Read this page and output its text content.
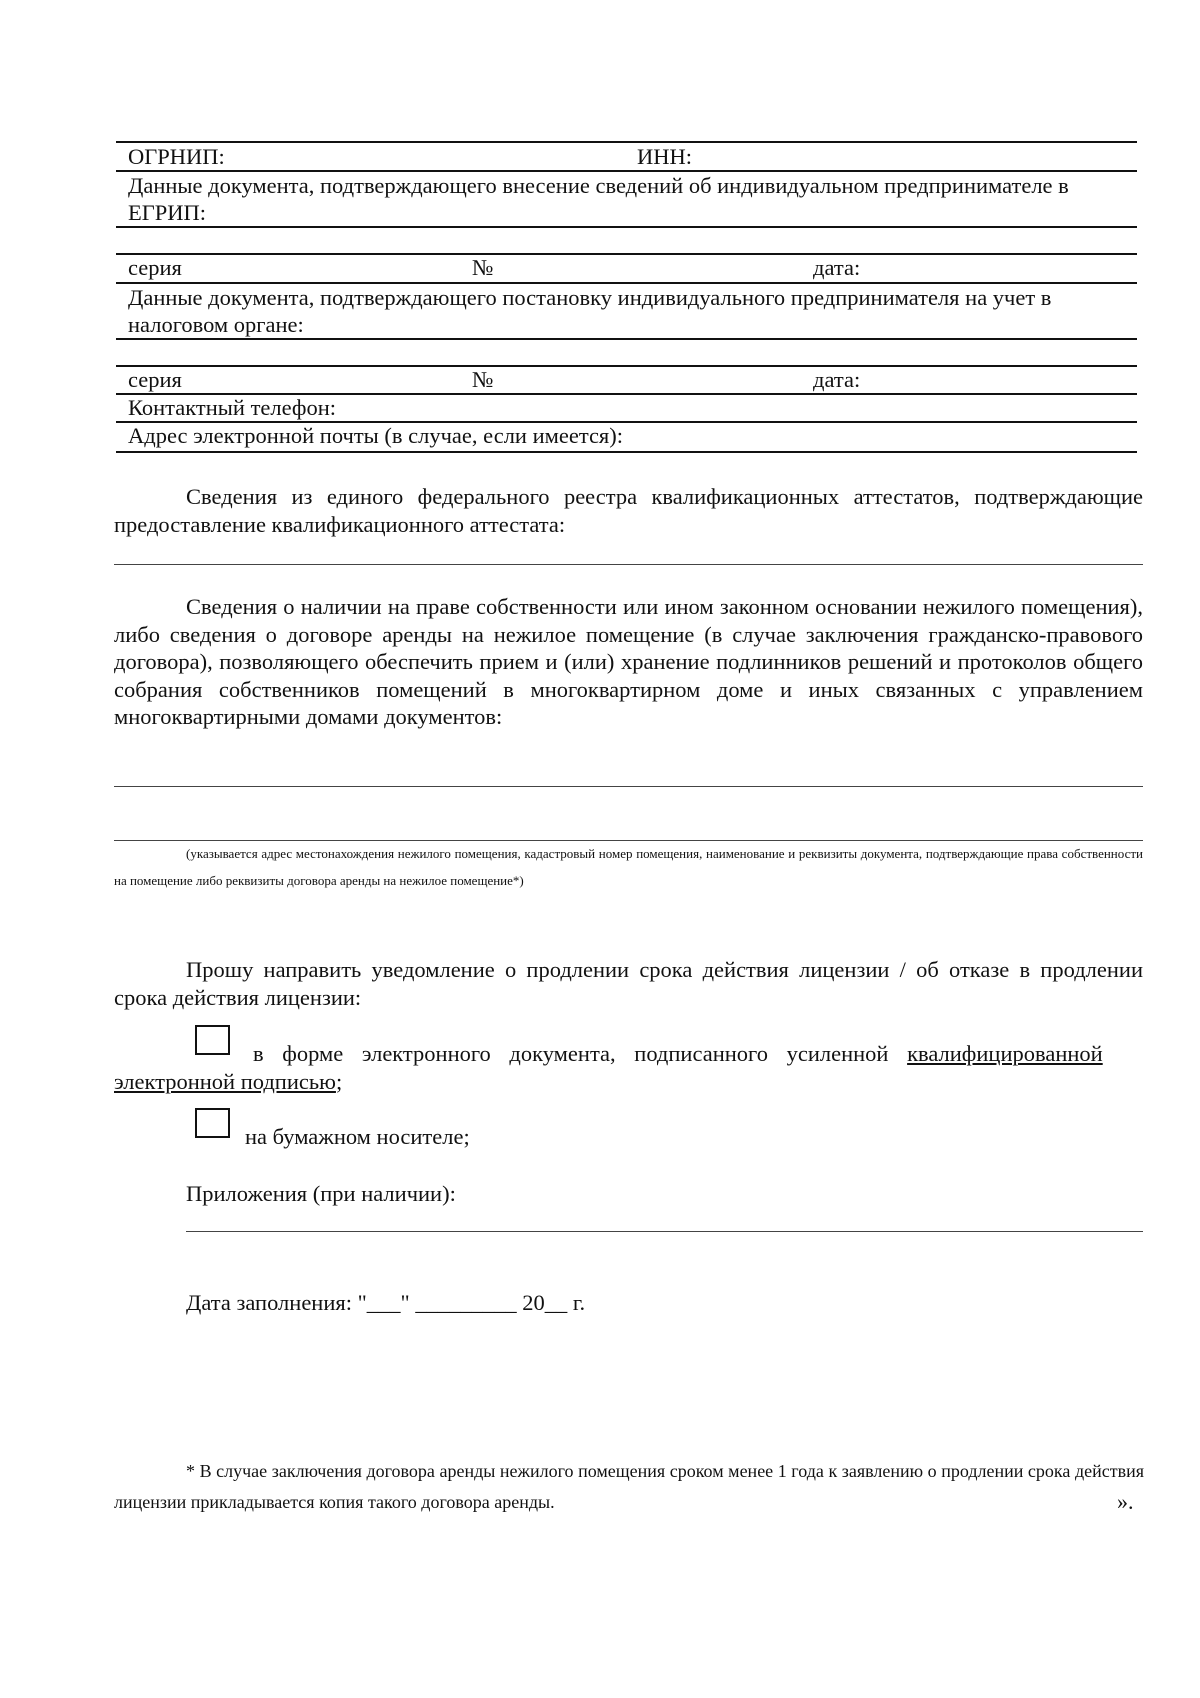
ОГРНИП:	ИНН:
Данные документа, подтверждающего внесение сведений об индивидуальном предпринимателе в ЕГРИП:
серия	№	дата:
Данные документа, подтверждающего постановку индивидуального предпринимателя на учет в налоговом органе:
серия	№	дата:
Контактный телефон:
Адрес электронной почты (в случае, если имеется):
Сведения из единого федерального реестра квалификационных аттестатов, подтверждающие предоставление квалификационного аттестата:
Сведения о наличии на праве собственности или ином законном основании нежилого помещения), либо сведения о договоре аренды на нежилое помещение (в случае заключения гражданско-правового договора), позволяющего обеспечить прием и (или) хранение подлинников решений и протоколов общего собрания собственников помещений в многоквартирном доме и иных связанных с управлением многоквартирными домами документов:
(указывается адрес местонахождения нежилого помещения, кадастровый номер помещения, наименование и реквизиты документа, подтверждающие права собственности на помещение либо реквизиты договора аренды на нежилое помещение*)
Прошу направить уведомление о продлении срока действия лицензии / об отказе в продлении срока действия лицензии:
в форме электронного документа, подписанного усиленной квалифицированной электронной подписью;
на бумажном носителе;
Приложения (при наличии):
Дата заполнения: "___" _________ 20__ г.
* В случае заключения договора аренды нежилого помещения сроком менее 1 года к заявлению о продлении срока действия лицензии прикладывается копия такого договора аренды.	».
